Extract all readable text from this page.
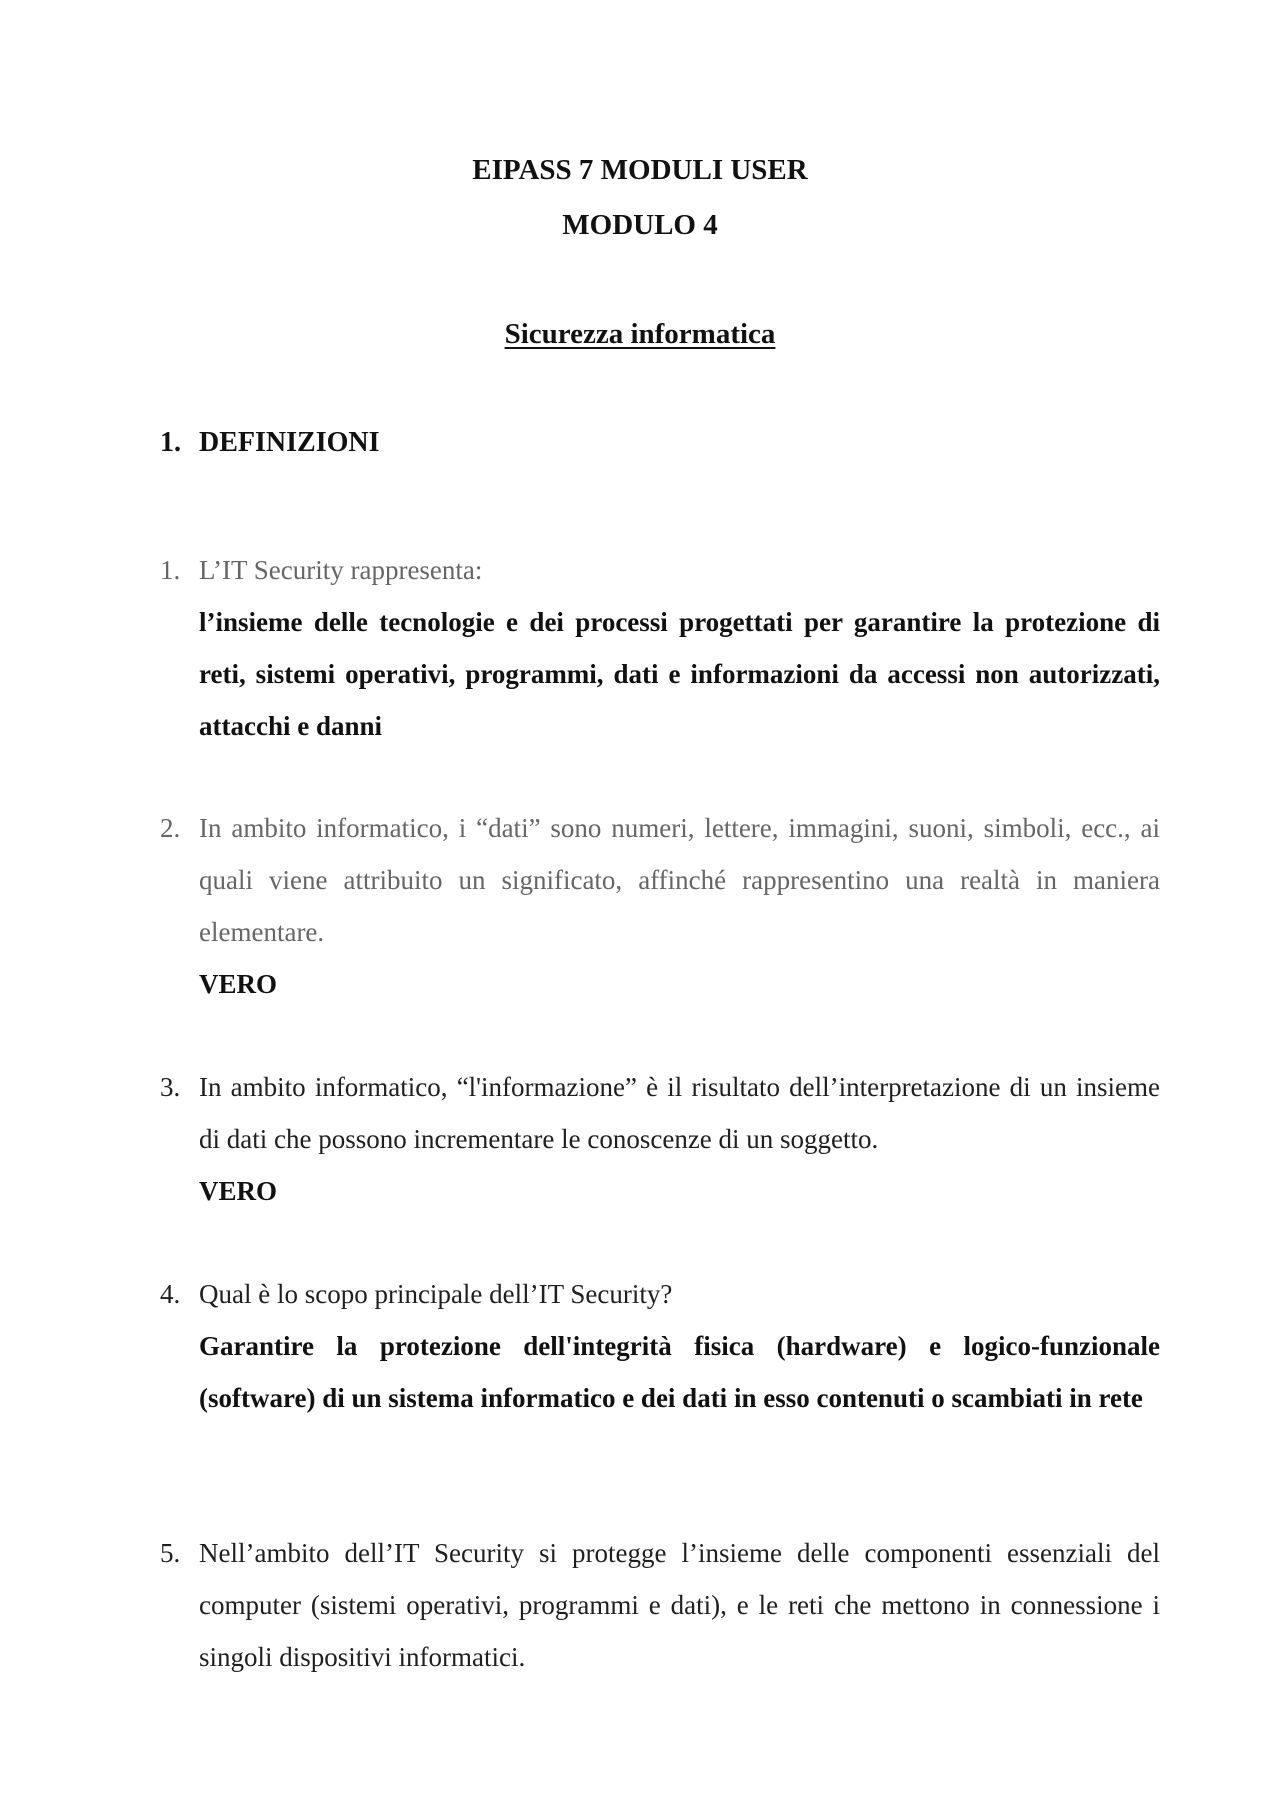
EIPASS 7 MODULI USER
MODULO 4
Sicurezza informatica
1. DEFINIZIONI
1. L’IT Security rappresenta:
l’insieme delle tecnologie e dei processi progettati per garantire la protezione di reti, sistemi operativi, programmi, dati e informazioni da accessi non autorizzati, attacchi e danni
2. In ambito informatico, i “dati” sono numeri, lettere, immagini, suoni, simboli, ecc., ai quali viene attribuito un significato, affinché rappresentino una realtà in maniera elementare.
VERO
3. In ambito informatico, “l'informazione” è il risultato dell’interpretazione di un insieme di dati che possono incrementare le conoscenze di un soggetto.
VERO
4. Qual è lo scopo principale dell’IT Security?
Garantire la protezione dell'integrità fisica (hardware) e logico-funzionale (software) di un sistema informatico e dei dati in esso contenuti o scambiati in rete
5. Nell’ambito dell’IT Security si protegge l’insieme delle componenti essenziali del computer (sistemi operativi, programmi e dati), e le reti che mettono in connessione i singoli dispositivi informatici.
